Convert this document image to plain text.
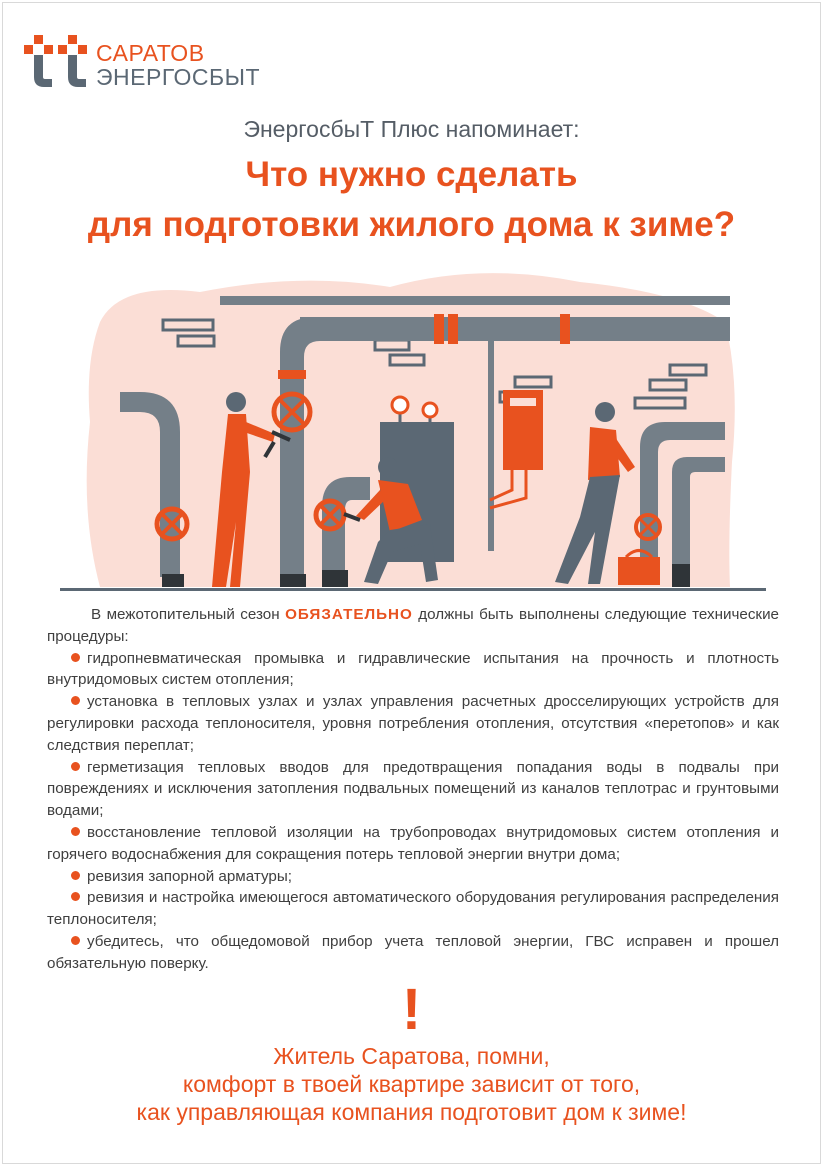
САРАТОВ
ЭНЕРГОСБЫТ
ЭнергосбыТ Плюс напоминает:
Что нужно сделать
для подготовки жилого дома к зиме?

В межотопительный сезон ОБЯЗАТЕЛЬНО должны быть выполнены следующие технические процедуры:

гидропневматическая промывка и гидравлические испытания на прочность и плотность внутридомовых систем отопления;

установка в тепловых узлах и узлах управления расчетных дросселирующих устройств для регулировки расхода теплоносителя, уровня потребления отопления, отсутствия «перетопов» и как следствия переплат;

герметизация тепловых вводов для предотвращения попадания воды в подвалы при повреждениях и исключения затопления подвальных помещений из каналов теплотрас и грунтовыми водами;

восстановление тепловой изоляции на трубопроводах внутридомовых систем отопления и горячего водоснабжения для сокращения потерь тепловой энергии внутри дома;

ревизия запорной арматуры;

ревизия и настройка имеющегося автоматического оборудования регулирования распределения теплоносителя;

убедитесь, что общедомовой прибор учета тепловой энергии, ГВС исправен и прошел обязательную поверку.

!
Житель Саратова, помни,
комфорт в твоей квартире зависит от того,
как управляющая компания подготовит дом к зиме!
